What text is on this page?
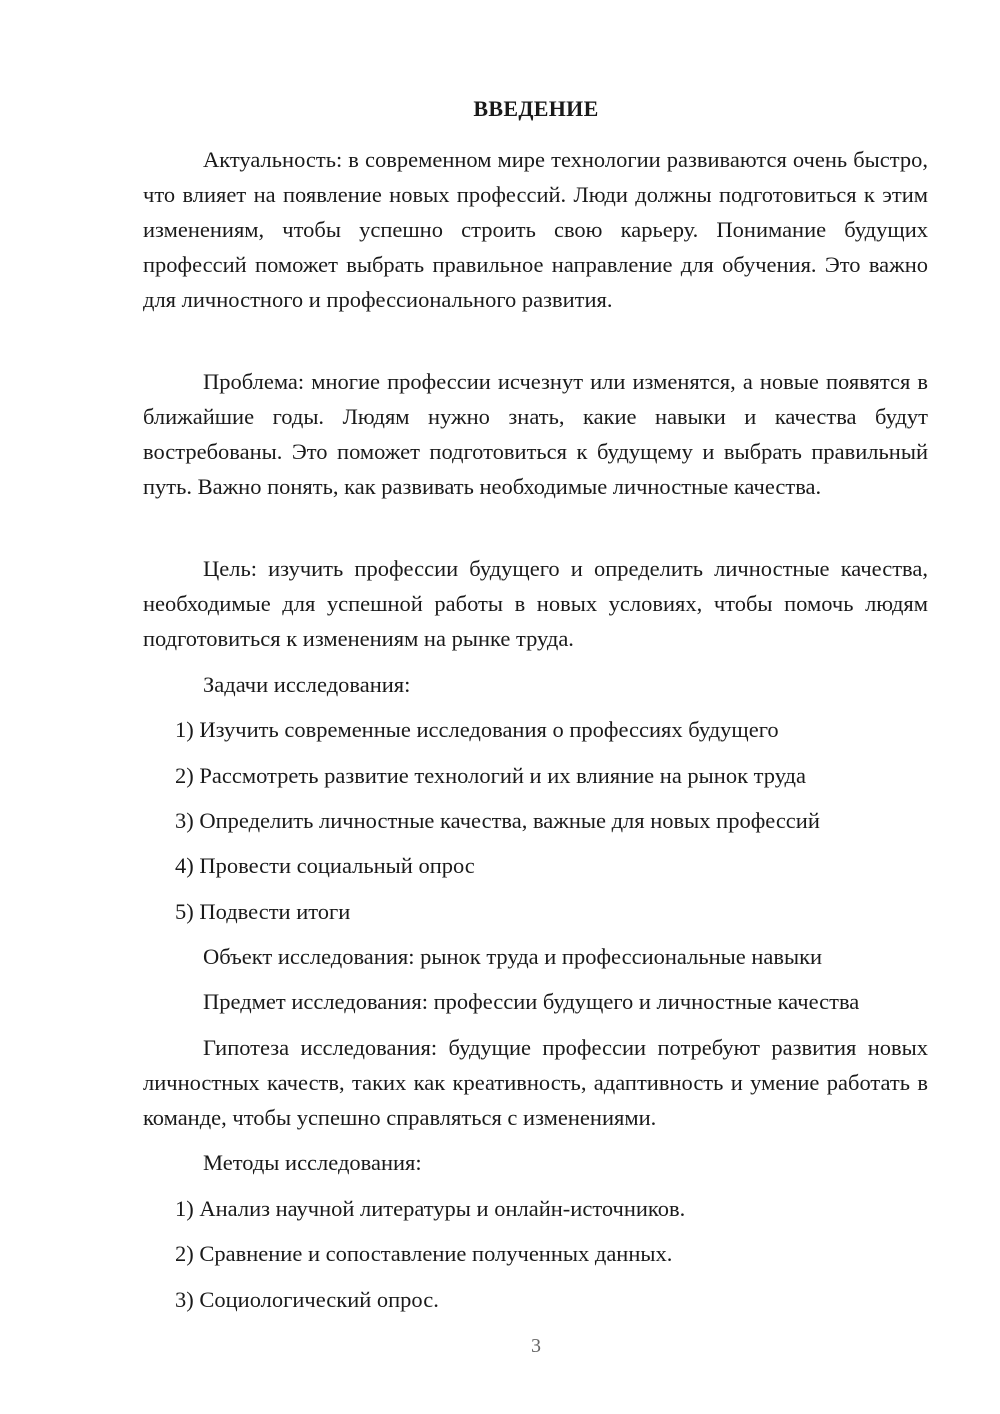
ВВЕДЕНИЕ

Актуальность: в современном мире технологии развиваются очень быстро, что влияет на появление новых профессий. Люди должны подготовиться к этим изменениям, чтобы успешно строить свою карьеру. Понимание будущих профессий поможет выбрать правильное направление для обучения. Это важно для личностного и профессионального развития.

Проблема: многие профессии исчезнут или изменятся, а новые появятся в ближайшие годы. Людям нужно знать, какие навыки и качества будут востребованы. Это поможет подготовиться к будущему и выбрать правильный путь. Важно понять, как развивать необходимые личностные качества.

Цель: изучить профессии будущего и определить личностные качества, необходимые для успешной работы в новых условиях, чтобы помочь людям подготовиться к изменениям на рынке труда.

Задачи исследования:

1) Изучить современные исследования о профессиях будущего

2) Рассмотреть развитие технологий и их влияние на рынок труда

3) Определить личностные качества, важные для новых профессий

4) Провести социальный опрос

5) Подвести итоги

Объект исследования: рынок труда и профессиональные навыки

Предмет исследования: профессии будущего и личностные качества

Гипотеза исследования: будущие профессии потребуют развития новых личностных качеств, таких как креативность, адаптивность и умение работать в команде, чтобы успешно справляться с изменениями.

Методы исследования:

1) Анализ научной литературы и онлайн-источников.

2) Сравнение и сопоставление полученных данных.

3) Социологический опрос.

3
